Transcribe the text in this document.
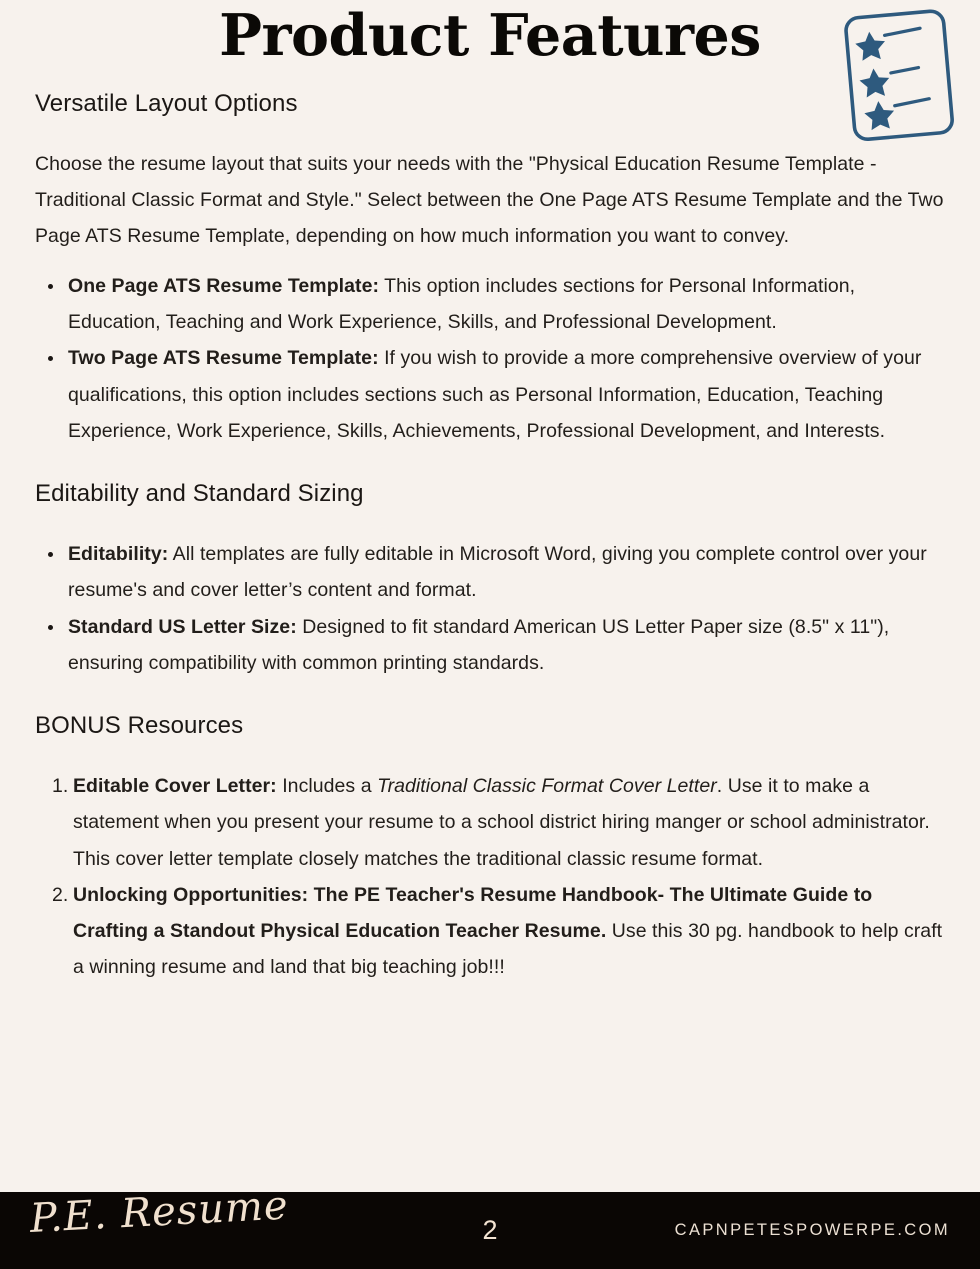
Product Features
Versatile Layout Options

Choose the resume layout that suits your needs with the "Physical Education Resume Template - Traditional Classic Format and Style." Select between the One Page ATS Resume Template and the Two Page ATS Resume Template, depending on how much information you want to convey.

One Page ATS Resume Template: This option includes sections for Personal Information, Education, Teaching and Work Experience, Skills, and Professional Development.
Two Page ATS Resume Template: If you wish to provide a more comprehensive overview of your qualifications, this option includes sections such as Personal Information, Education, Teaching Experience, Work Experience, Skills, Achievements, Professional Development, and Interests.
Editability and Standard Sizing
Editability: All templates are fully editable in Microsoft Word, giving you complete control over your resume's and cover letter’s content and format.
Standard US Letter Size: Designed to fit standard American US Letter Paper size (8.5" x 11"), ensuring compatibility with common printing standards.
BONUS Resources
Editable Cover Letter: Includes a Traditional Classic Format Cover Letter. Use it to make a statement when you present your resume to a school district hiring manger or school administrator. This cover letter template closely matches the traditional classic resume format.
Unlocking Opportunities: The PE Teacher's Resume Handbook- The Ultimate Guide to Crafting a Standout Physical Education Teacher Resume. Use this 30 pg. handbook to help craft a winning resume and land that big teaching job!!!
P.E. Resume	2	CAPNPETESPOWERPE.COM
